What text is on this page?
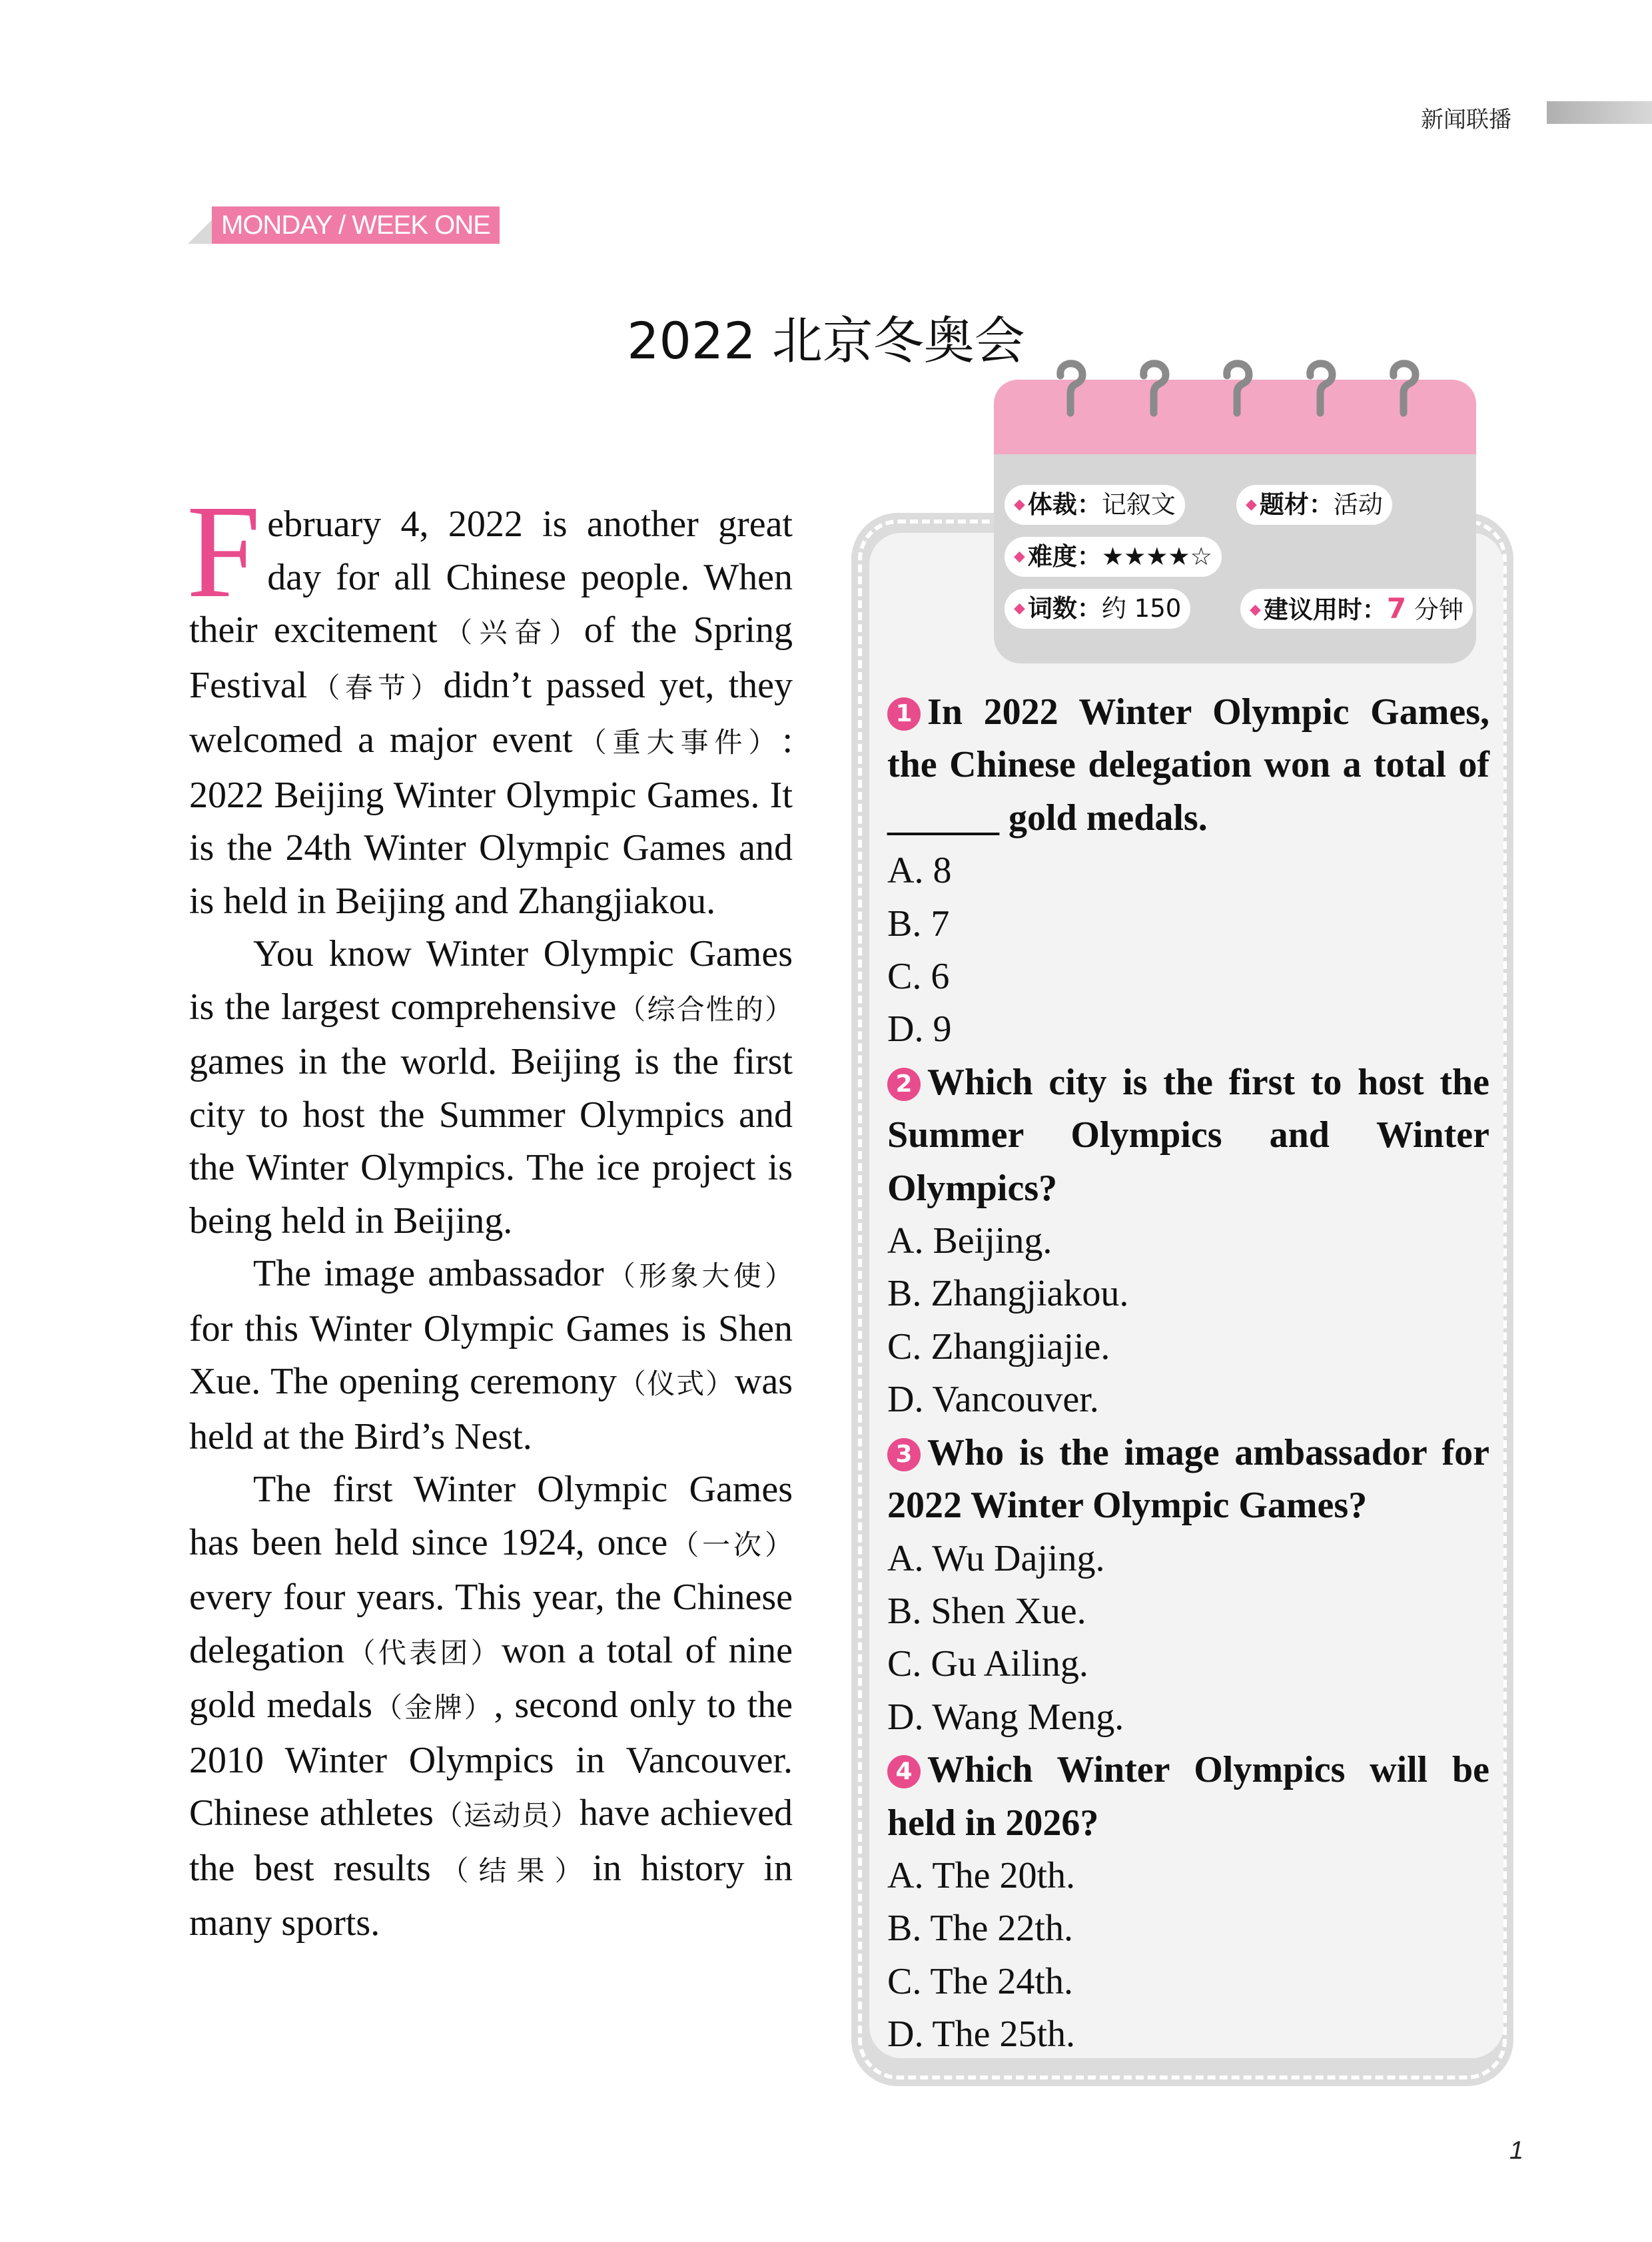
新闻联播
MONDAY / WEEK ONE
2022 北京冬奥会

February 4, 2022 is another great day for all Chinese people. When their excitement（兴奋）of the Spring Festival（春节）didn’t passed yet, they welcomed a major event（重大事件）: 2022 Beijing Winter Olympic Games. It is the 24th Winter Olympic Games and is held in Beijing and Zhangjiakou.

You know Winter Olympic Games is the largest comprehensive（综合性的）games in the world. Beijing is the first city to host the Summer Olympics and the Winter Olympics. The ice project is being held in Beijing.

The image ambassador（形象大使）for this Winter Olympic Games is Shen Xue. The opening ceremony（仪式）was held at the Bird’s Nest.

The first Winter Olympic Games has been held since 1924, once（一次）every four years. This year, the Chinese delegation（代表团）won a total of nine gold medals（金牌）, second only to the 2010 Winter Olympics in Vancouver. Chinese athletes（运动员）have achieved the best results（结果）in history in many sports.

◆ 体裁：记叙文	◆ 题材：活动
◆ 难度：★★★★☆
◆ 词数：约 150	◆ 建议用时：7 分钟

1 In 2022 Winter Olympic Games, the Chinese delegation won a total of ______ gold medals.

A. 8

B. 7

C. 6

D. 9

2 Which city is the first to host the Summer Olympics and Winter Olympics?

A. Beijing.

B. Zhangjiakou.

C. Zhangjiajie.

D. Vancouver.

3 Who is the image ambassador for 2022 Winter Olympic Games?

A. Wu Dajing.

B. Shen Xue.

C. Gu Ailing.

D. Wang Meng.

4 Which Winter Olympics will be held in 2026?

A. The 20th.

B. The 22th.

C. The 24th.

D. The 25th.

1
